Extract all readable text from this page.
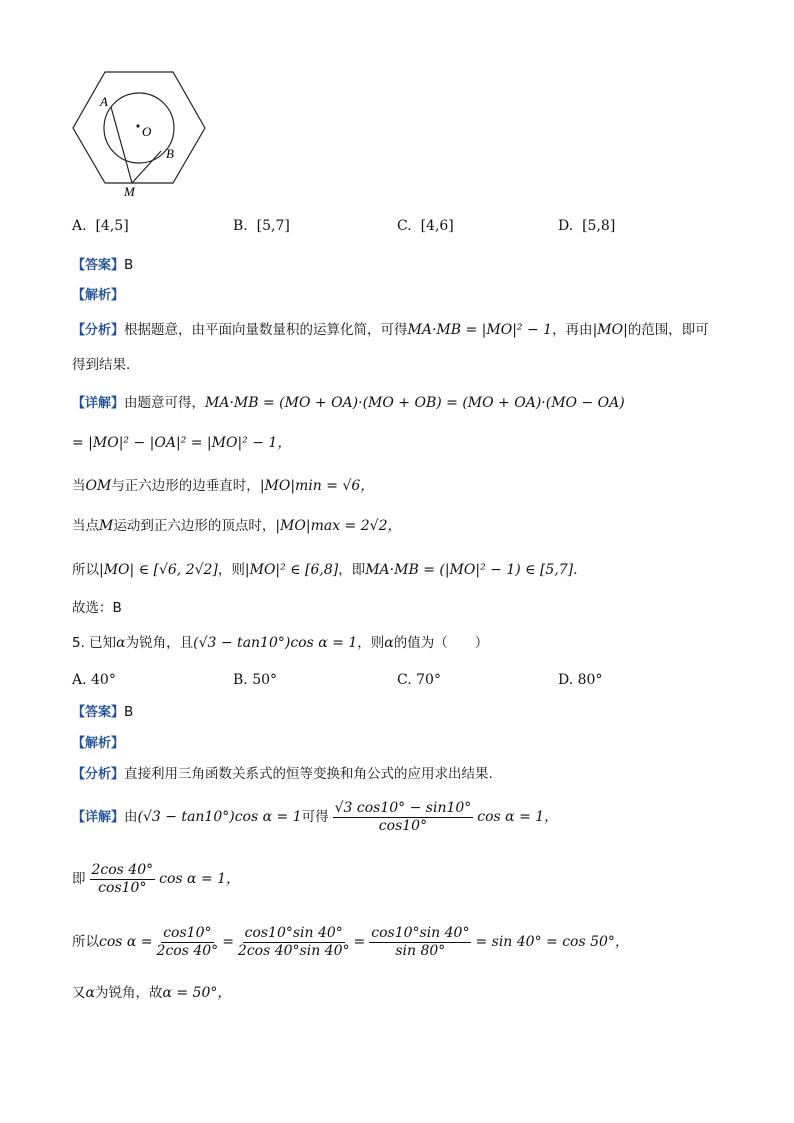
A
O
B
M
A. [4,5]	B. [5,7]	C. [4,6]	D. [5,8]
【答案】B
【解析】
【分析】根据题意，由平面向量数量积的运算化简，可得MA·MB = |MO|² − 1，再由|MO|的范围，即可
得到结果.
【详解】由题意可得，MA·MB = (MO + OA)·(MO + OB) = (MO + OA)·(MO − OA)
= |MO|² − |OA|² = |MO|² − 1，
当OM与正六边形的边垂直时，|MO|min = √6，
当点M运动到正六边形的顶点时，|MO|max = 2√2，
所以|MO| ∈ [√6, 2√2]，则|MO|² ∈ [6,8]，即MA·MB = (|MO|² − 1) ∈ [5,7].
故选：B
5. 已知α为锐角，且(√3 − tan10°)cos α = 1，则α的值为（　　）
A. 40°	B. 50°	C. 70°	D. 80°
【答案】B
【解析】
【分析】直接利用三角函数关系式的恒等变换和角公式的应用求出结果.
【详解】 由 (√3 − tan10°)cos α = 1 可得
√3 cos10° − sin10°
cos10°
cos α = 1，
即
2cos 40°
cos10°
cos α = 1，
所以 $\cos \alpha = \frac{\cos 10^\circ}{2\cos 40^\circ} = \frac{\cos 10^\circ\sin 40^\circ}{2\cos 40^\circ\sin 40^\circ} = \frac{\cos 10^\circ\sin 40^\circ}{\sin 80^\circ} = \sin 40^\circ = \cos 50^\circ$，
又α为锐角，故α = 50°，
